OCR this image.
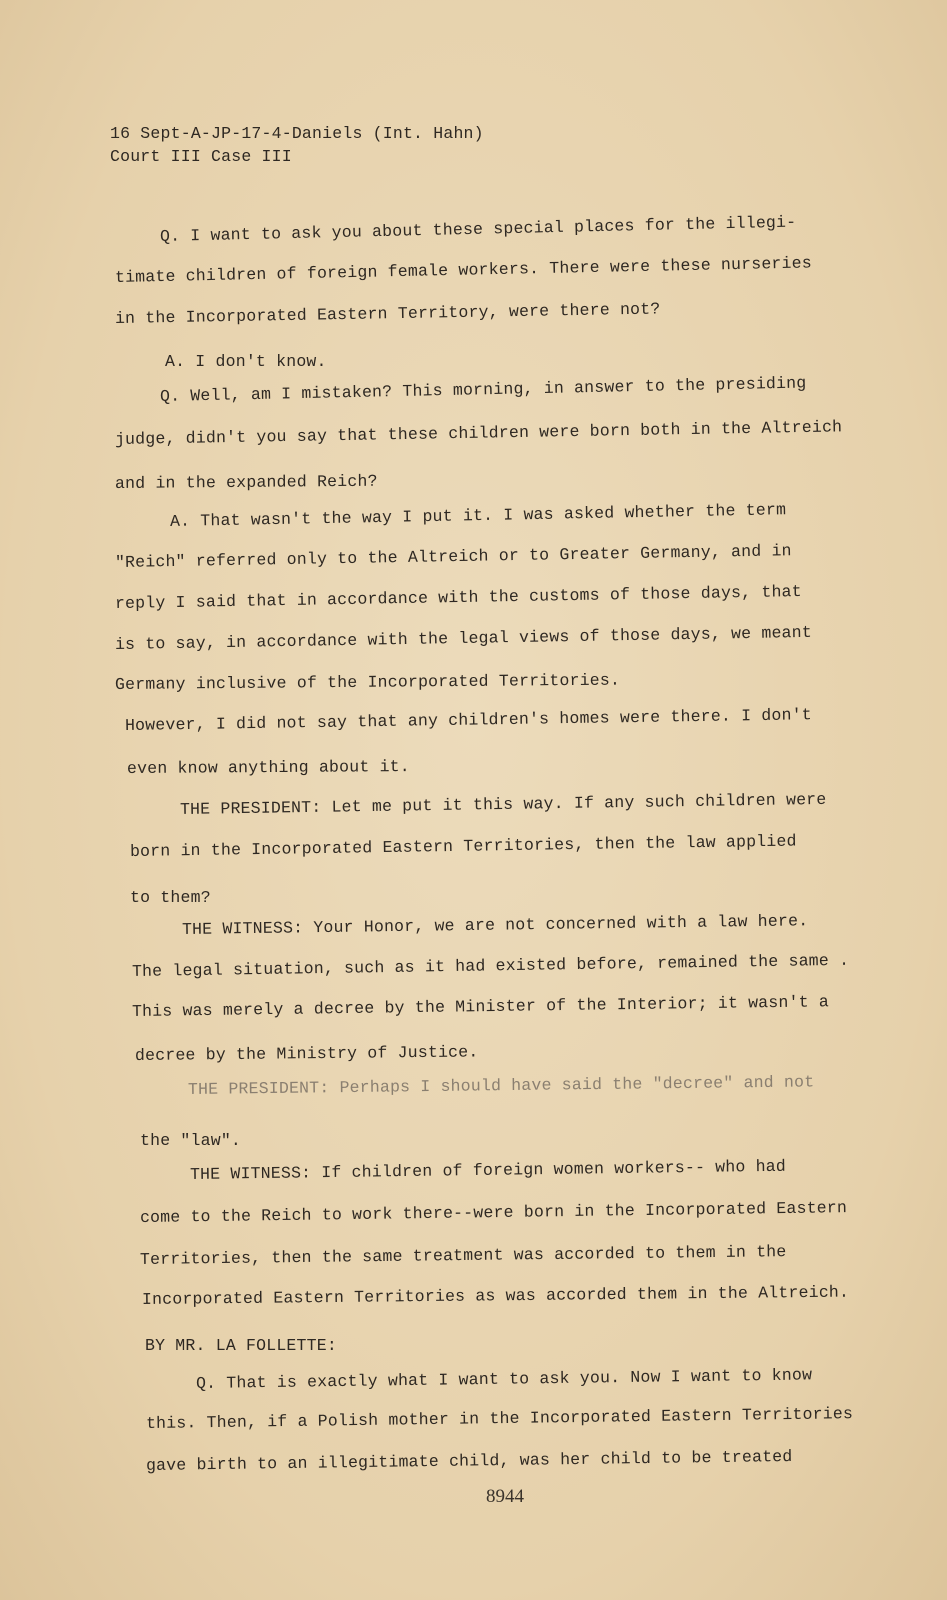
16 Sept-A-JP-17-4-Daniels (Int. Hahn)
Court III Case III
Q. I want to ask you about these special places for the illegi-
timate children of foreign female workers. There were these nurseries
in the Incorporated Eastern Territory, were there not?
A. I don't know.
Q. Well, am I mistaken? This morning, in answer to the presiding
judge, didn't you say that these children were born both in the Altreich
and in the expanded Reich?
A. That wasn't the way I put it. I was asked whether the term
"Reich" referred only to the Altreich or to Greater Germany, and in
reply I said that in accordance with the customs of those days, that
is to say, in accordance with the legal views of those days, we meant
Germany inclusive of the Incorporated Territories.
However, I did not say that any children's homes were there. I don't
even know anything about it.
THE PRESIDENT: Let me put it this way. If any such children were
born in the Incorporated Eastern Territories, then the law applied
to them?
THE WITNESS: Your Honor, we are not concerned with a law here.
The legal situation, such as it had existed before, remained the same .
This was merely a decree by the Minister of the Interior; it wasn't a
decree by the Ministry of Justice.
THE PRESIDENT: Perhaps I should have said the "decree" and not
the "law".
THE WITNESS: If children of foreign women workers-- who had
come to the Reich to work there--were born in the Incorporated Eastern
Territories, then the same treatment was accorded to them in the
Incorporated Eastern Territories as was accorded them in the Altreich.
BY MR. LA FOLLETTE:
Q. That is exactly what I want to ask you. Now I want to know
this. Then, if a Polish mother in the Incorporated Eastern Territories
gave birth to an illegitimate child, was her child to be treated
8944
